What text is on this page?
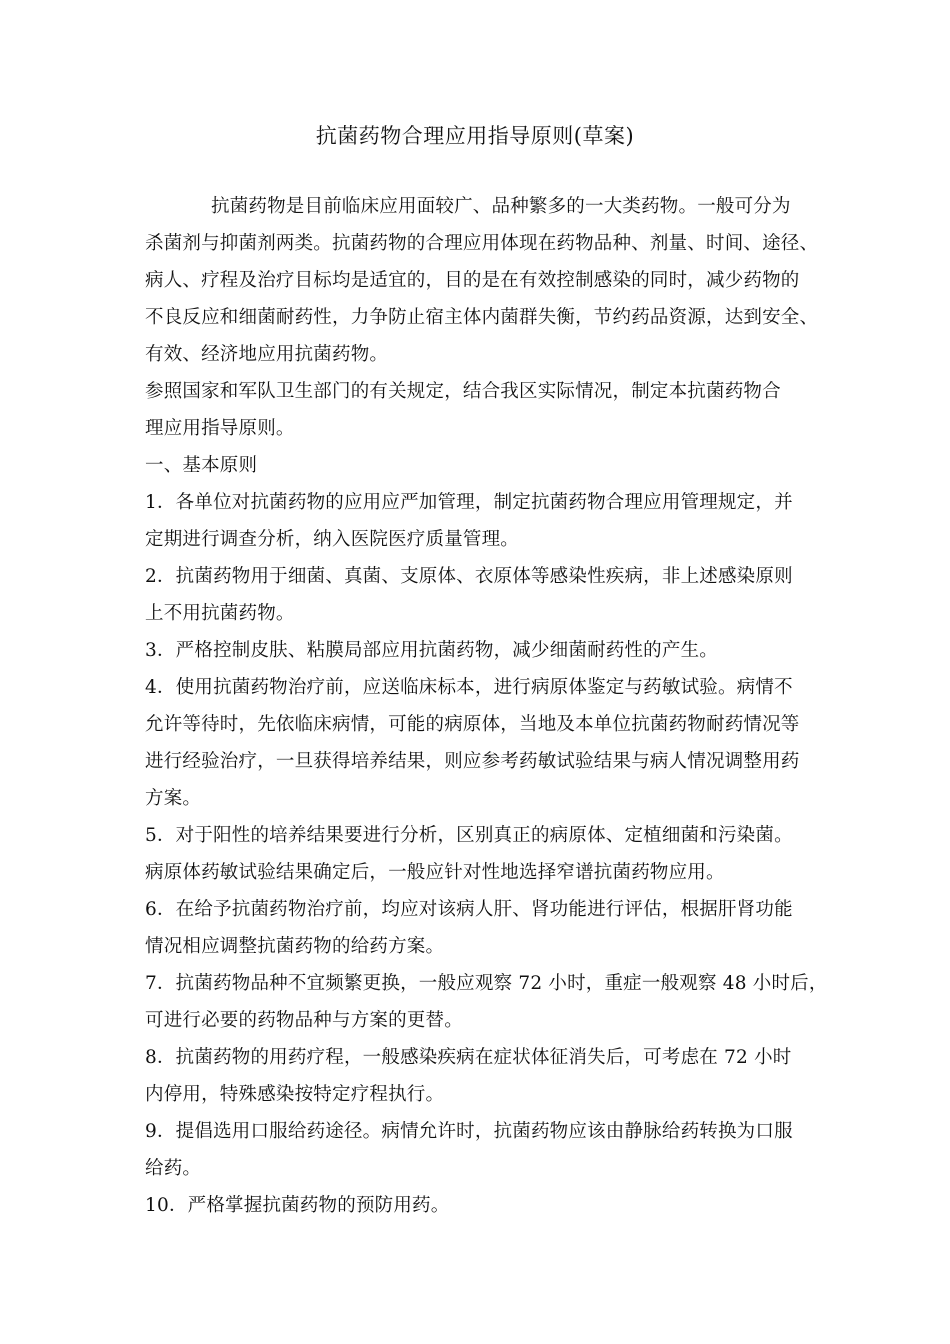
抗菌药物合理应用指导原则(草案)
抗菌药物是目前临床应用面较广、品种繁多的一大类药物。一般可分为
杀菌剂与抑菌剂两类。抗菌药物的合理应用体现在药物品种、剂量、时间、途径、
病人、疗程及治疗目标均是适宜的，目的是在有效控制感染的同时，减少药物的
不良反应和细菌耐药性，力争防止宿主体内菌群失衡，节约药品资源，达到安全、
有效、经济地应用抗菌药物。
参照国家和军队卫生部门的有关规定，结合我区实际情况，制定本抗菌药物合
理应用指导原则。
一、基本原则
1．各单位对抗菌药物的应用应严加管理，制定抗菌药物合理应用管理规定，并
定期进行调查分析，纳入医院医疗质量管理。
2．抗菌药物用于细菌、真菌、支原体、衣原体等感染性疾病，非上述感染原则
上不用抗菌药物。
3．严格控制皮肤、粘膜局部应用抗菌药物，减少细菌耐药性的产生。
4．使用抗菌药物治疗前，应送临床标本，进行病原体鉴定与药敏试验。病情不
允许等待时，先依临床病情，可能的病原体，当地及本单位抗菌药物耐药情况等
进行经验治疗，一旦获得培养结果，则应参考药敏试验结果与病人情况调整用药
方案。
5．对于阳性的培养结果要进行分析，区别真正的病原体、定植细菌和污染菌。
病原体药敏试验结果确定后，一般应针对性地选择窄谱抗菌药物应用。
6．在给予抗菌药物治疗前，均应对该病人肝、肾功能进行评估，根据肝肾功能
情况相应调整抗菌药物的给药方案。
7．抗菌药物品种不宜频繁更换，一般应观察 72 小时，重症一般观察 48 小时后，
可进行必要的药物品种与方案的更替。
8．抗菌药物的用药疗程，一般感染疾病在症状体征消失后，可考虑在 72 小时
内停用，特殊感染按特定疗程执行。
9．提倡选用口服给药途径。病情允许时，抗菌药物应该由静脉给药转换为口服
给药。
10．严格掌握抗菌药物的预防用药。
